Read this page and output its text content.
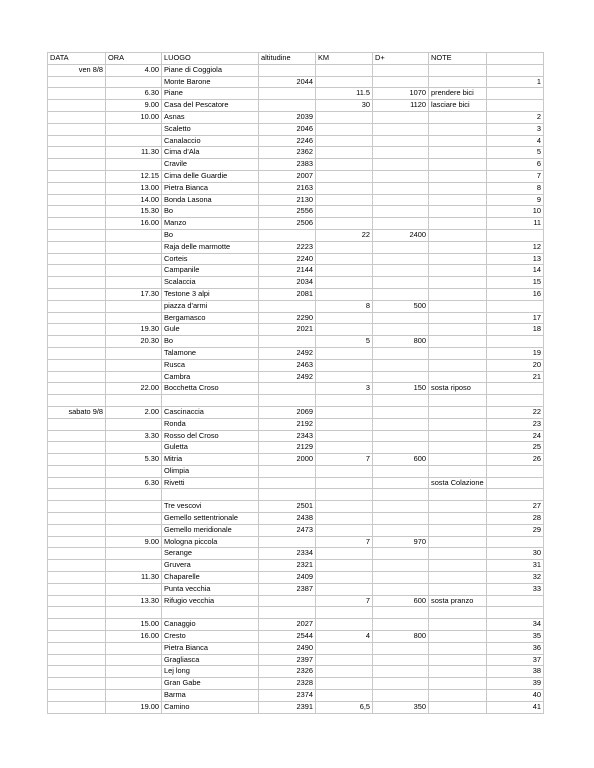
DATA	ORA	LUOGO	altitudine	KM	D+	NOTE	
ven 8/8	4.00	Piane di Coggiola					
		Monte Barone	2044				1
	6.30	Piane		11.5	1070	prendere bici	
	9.00	Casa del Pescatore		30	1120	lasciare bici	
	10.00	Asnas	2039				2
		Scaletto	2046				3
		Canalaccio	2246				4
	11.30	Cima d'Ala	2362				5
		Cravile	2383				6
	12.15	Cima delle Guardie	2007				7
	13.00	Pietra Bianca	2163				8
	14.00	Bonda Lasona	2130				9
	15.30	Bo	2556				10
	16.00	Manzo	2506				11
		Bo		22	2400		
		Raja delle marmotte	2223				12
		Corteis	2240				13
		Campanile	2144				14
		Scalaccia	2034				15
	17.30	Testone 3 alpi	2081				16
		piazza d'armi		8	500		
		Bergamasco	2290				17
	19.30	Gule	2021				18
	20.30	Bo		5	800		
		Talamone	2492				19
		Rusca	2463				20
		Cambra	2492				21
	22.00	Bocchetta Croso		3	150	sosta riposo	

sabato 9/8	2.00	Cascinaccia	2069				22
		Ronda	2192				23
	3.30	Rosso del Croso	2343				24
		Guletta	2129				25
	5.30	Mitria	2000	7	600		26
		Olimpia					
	6.30	Rivetti				sosta Colazione	

		Tre vescovi	2501				27
		Gemello settentrionale	2438				28
		Gemello meridionale	2473				29
	9.00	Mologna piccola		7	970		
		Serange	2334				30
		Gruvera	2321				31
	11.30	Chaparelle	2409				32
		Punta vecchia	2387				33
	13.30	Rifugio vecchia		7	600	sosta pranzo	

	15.00	Canaggio	2027				34
	16.00	Cresto	2544	4	800		35
		Pietra Bianca	2490				36
		Gragliasca	2397				37
		Lej long	2326				38
		Gran Gabe	2328				39
		Barma	2374				40
	19.00	Camino	2391	6,5	350		41
